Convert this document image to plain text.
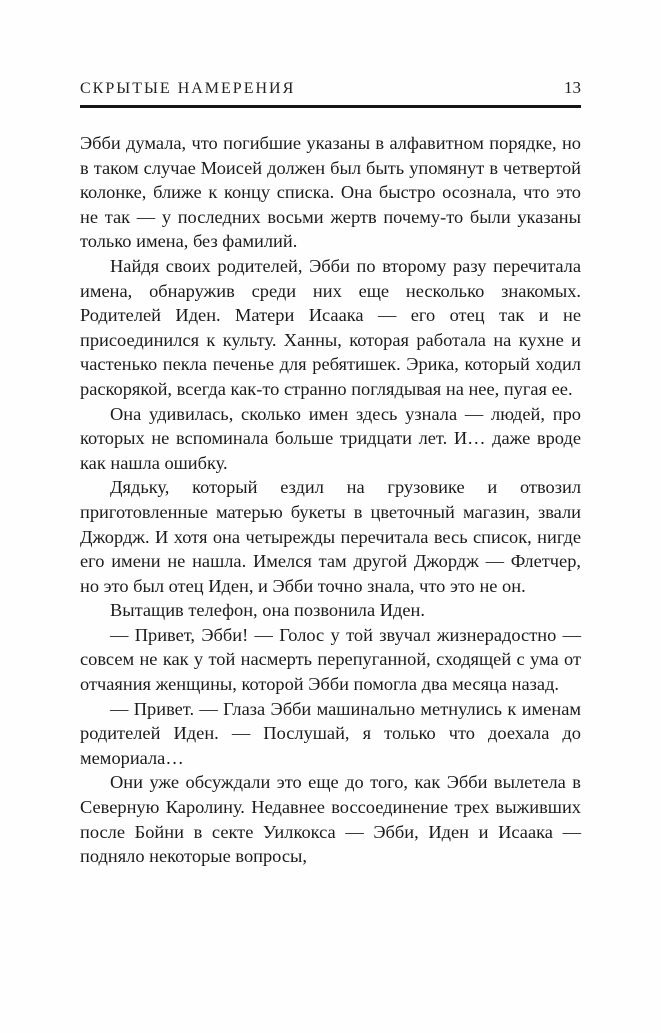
СКРЫТЫЕ НАМЕРЕНИЯ	13

Эбби думала, что погибшие указаны в алфавитном порядке, но в таком случае Моисей должен был быть упомянут в четвертой колонке, ближе к концу списка. Она быстро осознала, что это не так — у последних восьми жертв почему-то были указаны только имена, без фамилий.

Найдя своих родителей, Эбби по второму разу перечитала имена, обнаружив среди них еще несколько знакомых. Родителей Иден. Матери Исаака — его отец так и не присоединился к культу. Ханны, которая работала на кухне и частенько пекла печенье для ребятишек. Эрика, который ходил раскорякой, всегда как-то странно поглядывая на нее, пугая ее.

Она удивилась, сколько имен здесь узнала — людей, про которых не вспоминала больше тридцати лет. И… даже вроде как нашла ошибку.

Дядьку, который ездил на грузовике и отвозил приготовленные матерью букеты в цветочный магазин, звали Джордж. И хотя она четырежды перечитала весь список, нигде его имени не нашла. Имелся там другой Джордж — Флетчер, но это был отец Иден, и Эбби точно знала, что это не он.

Вытащив телефон, она позвонила Иден.

— Привет, Эбби! — Голос у той звучал жизнерадостно — совсем не как у той насмерть перепуганной, сходящей с ума от отчаяния женщины, которой Эбби помогла два месяца назад.

— Привет. — Глаза Эбби машинально метнулись к именам родителей Иден. — Послушай, я только что доехала до мемориала…

Они уже обсуждали это еще до того, как Эбби вылетела в Северную Каролину. Недавнее воссоединение трех выживших после Бойни в секте Уилкокса — Эбби, Иден и Исаака — подняло некоторые вопросы,
